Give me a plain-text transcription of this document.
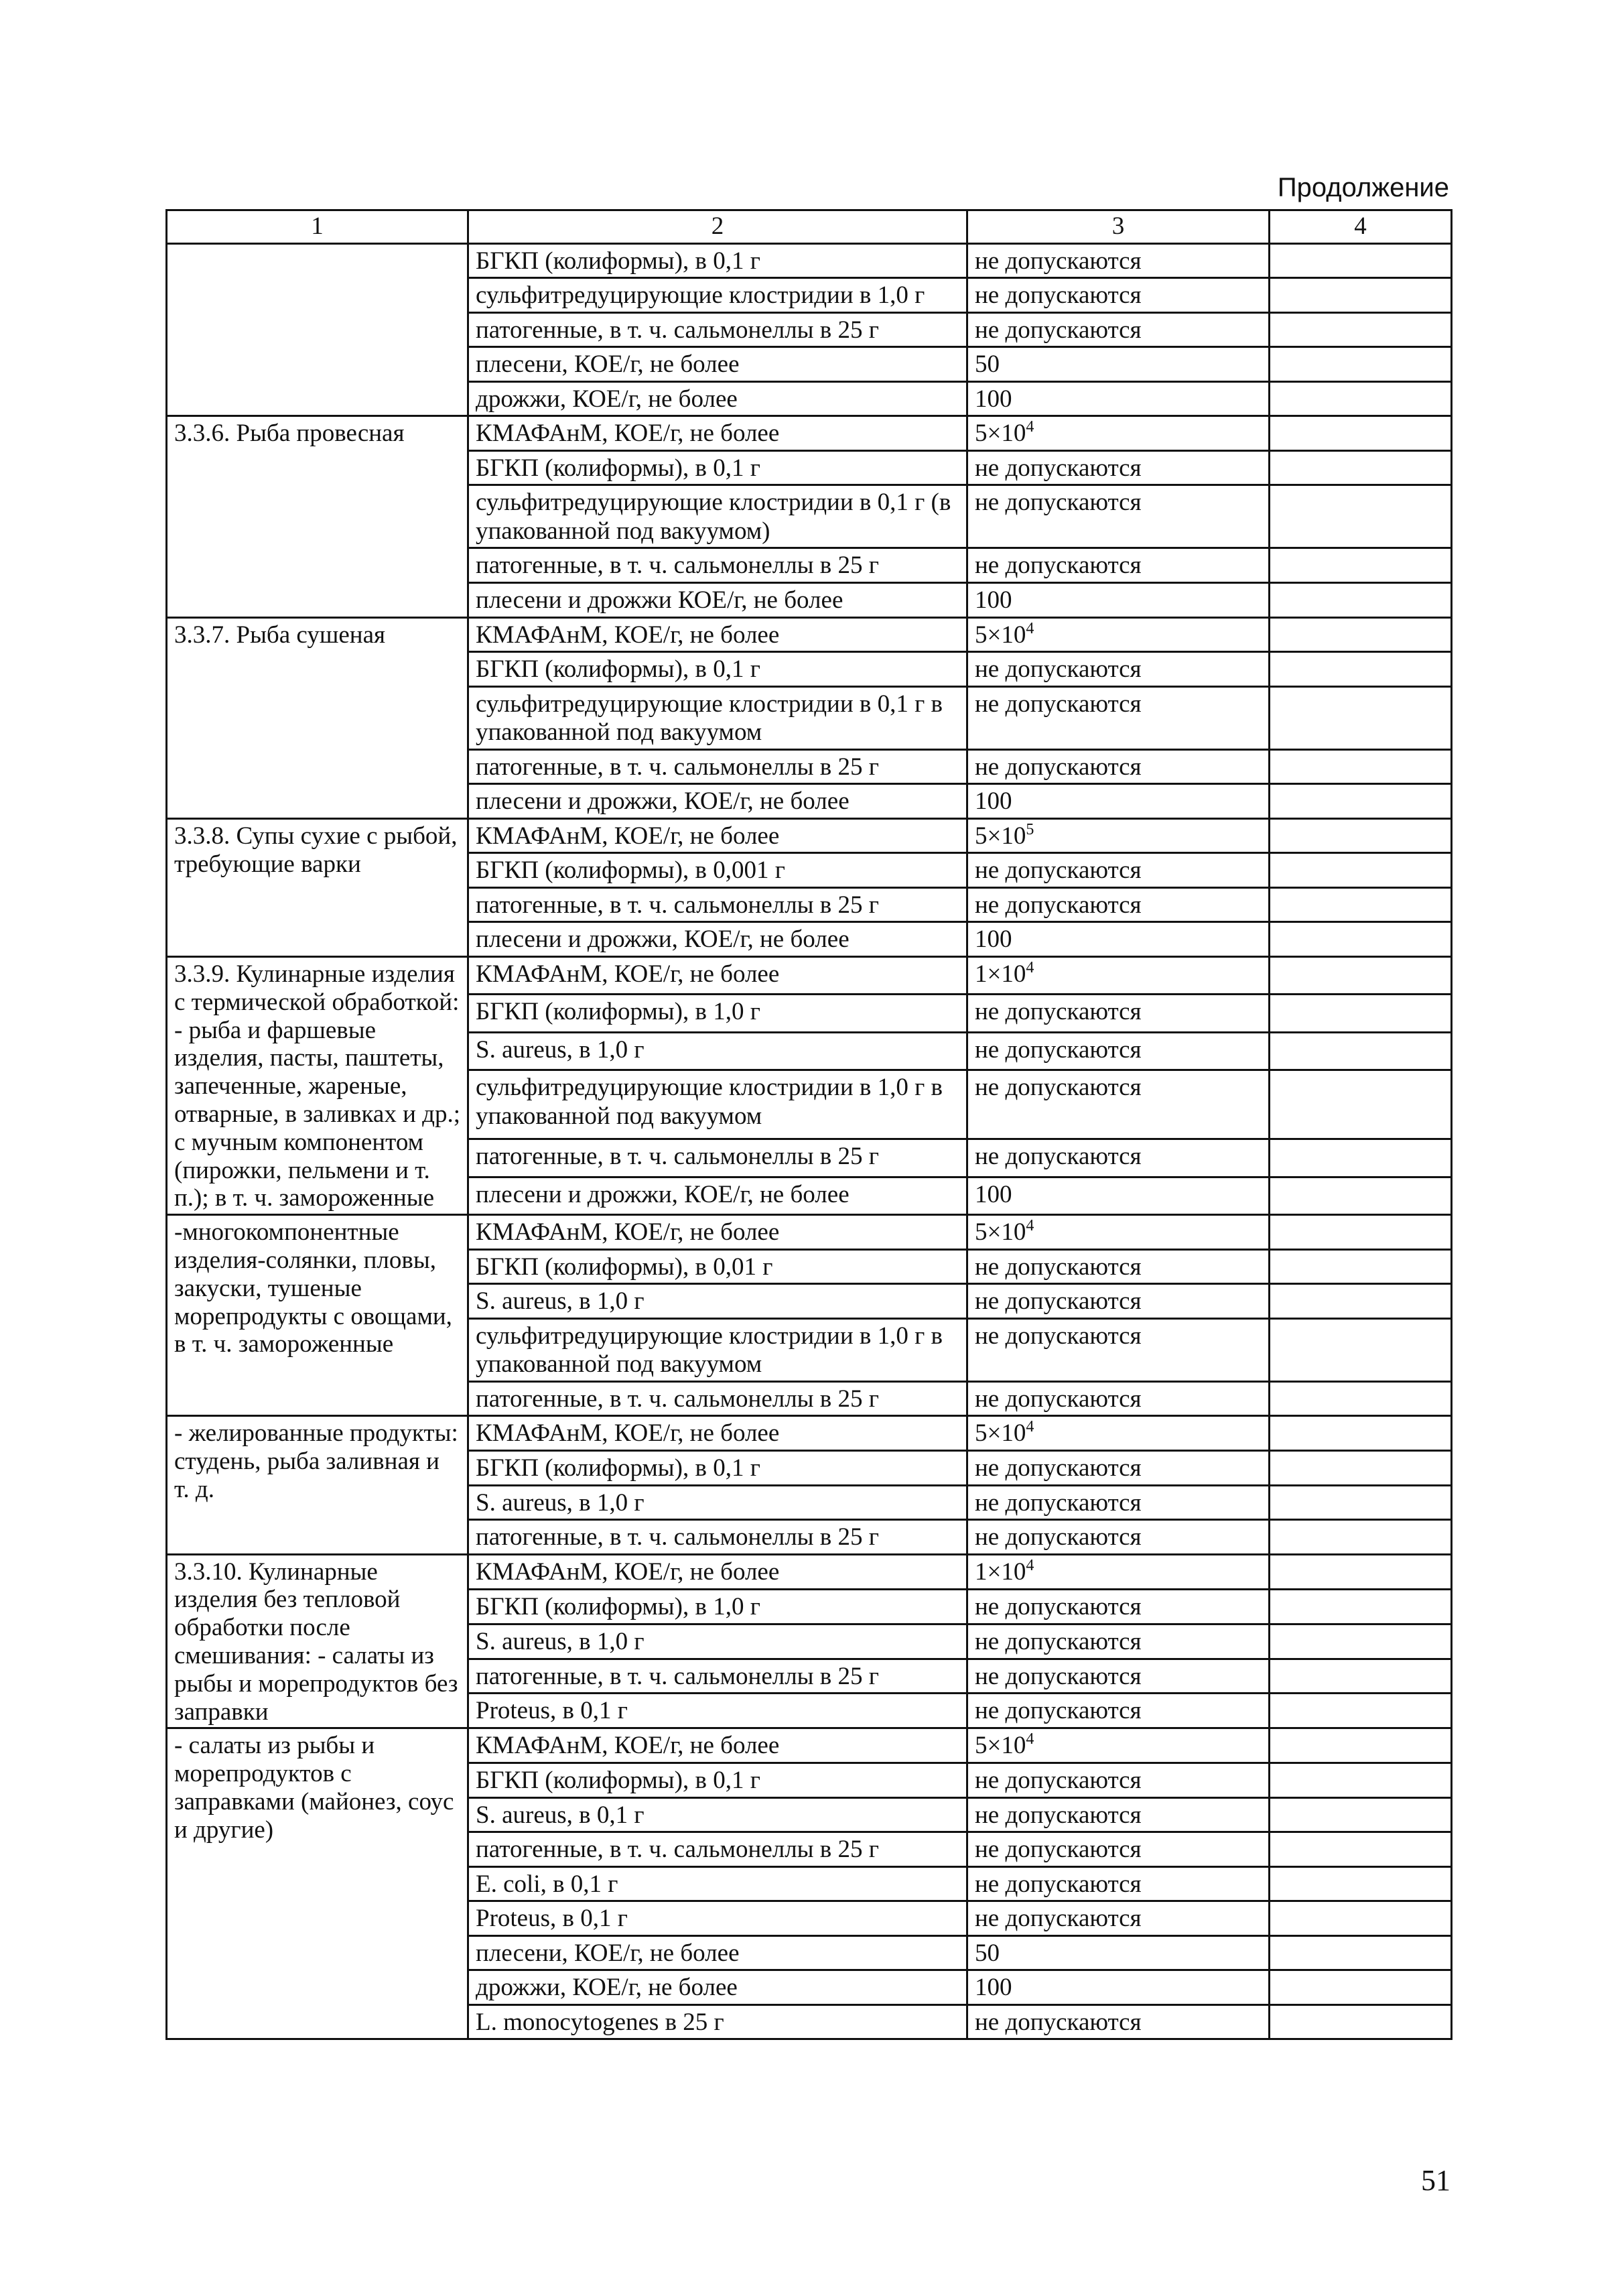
Продолжение
1	2	3	4
	БГКП (колиформы), в 0,1 г	не допускаются	
	сульфитредуцирующие клостридии в 1,0 г	не допускаются	
	патогенные, в т. ч. сальмонеллы в 25 г	не допускаются	
	плесени, КОЕ/г, не более	50	
	дрожжи, КОЕ/г, не более	100	
3.3.6. Рыба провесная	КМАФАнМ, КОЕ/г, не более	$5\times 10^4$	
	БГКП (колиформы), в 0,1 г	не допускаются	
	сульфитредуцирующие клостридии в 0,1 г (в упакованной под вакуумом)	не допускаются	
	патогенные, в т. ч. сальмонеллы в 25 г	не допускаются	
	плесени и дрожжи КОЕ/г, не более	100	
3.3.7. Рыба сушеная	КМАФАнМ, КОЕ/г, не более	$5\times 10^4$	
	БГКП (колиформы), в 0,1 г	не допускаются	
	сульфитредуцирующие клостридии в 0,1 г в упакованной под вакуумом	не допускаются	
	патогенные, в т. ч. сальмонеллы в 25 г	не допускаются	
	плесени и дрожжи, КОЕ/г, не более	100	
3.3.8. Супы сухие с рыбой, требующие варки	КМАФАнМ, КОЕ/г, не более	$5\times 10^5$	
	БГКП (колиформы), в 0,001 г	не допускаются	
	патогенные, в т. ч. сальмонеллы в 25 г	не допускаются	
	плесени и дрожжи, КОЕ/г, не более	100	
3.3.9. Кулинарные изделия с термической обработкой: - рыба и фаршевые изделия, пасты, паштеты, запеченные, жареные, отварные, в заливках и др.; с мучным компонентом (пирожки, пельмени и т. п.); в т. ч. замороженные	КМАФАнМ, КОЕ/г, не более	$1\times 10^4$	
	БГКП (колиформы), в 1,0 г	не допускаются	
	S. aureus, в 1,0 г	не допускаются	
	сульфитредуцирующие клостридии в 1,0 г в упакованной под вакуумом	не допускаются	
	патогенные, в т. ч. сальмонеллы в 25 г	не допускаются	
	плесени и дрожжи, КОЕ/г, не более	100	
-многокомпонентные изделия-солянки, пловы, закуски, тушеные морепродукты с овощами, в т. ч. замороженные	КМАФАнМ, КОЕ/г, не более	$5\times 10^4$	
	БГКП (колиформы), в 0,01 г	не допускаются	
	S. aureus, в 1,0 г	не допускаются	
	сульфитредуцирующие клостридии в 1,0 г в упакованной под вакуумом	не допускаются	
	патогенные, в т. ч. сальмонеллы в 25 г	не допускаются	
- желированные продукты: студень, рыба заливная и т. д.	КМАФАнМ, КОЕ/г, не более	$5\times 10^4$	
	БГКП (колиформы), в 0,1 г	не допускаются	
	S. aureus, в 1,0 г	не допускаются	
	патогенные, в т. ч. сальмонеллы в 25 г	не допускаются	
3.3.10. Кулинарные изделия без тепловой обработки после смешивания: - салаты из рыбы и морепродуктов без заправки	КМАФАнМ, КОЕ/г, не более	$1\times 10^4$	
	БГКП (колиформы), в 1,0 г	не допускаются	
	S. aureus, в 1,0 г	не допускаются	
	патогенные, в т. ч. сальмонеллы в 25 г	не допускаются	
	Proteus, в 0,1 г	не допускаются	
- салаты из рыбы и морепродуктов с заправками (майонез, соус и другие)	КМАФАнМ, КОЕ/г, не более	$5\times 10^4$	
	БГКП (колиформы), в 0,1 г	не допускаются	
	S. aureus, в 0,1 г	не допускаются	
	патогенные, в т. ч. сальмонеллы в 25 г	не допускаются	
	E. coli, в 0,1 г	не допускаются	
	Proteus, в 0,1 г	не допускаются	
	плесени, КОЕ/г, не более	50	
	дрожжи, КОЕ/г, не более	100	
	L. monocytogenes в 25 г	не допускаются	
51
